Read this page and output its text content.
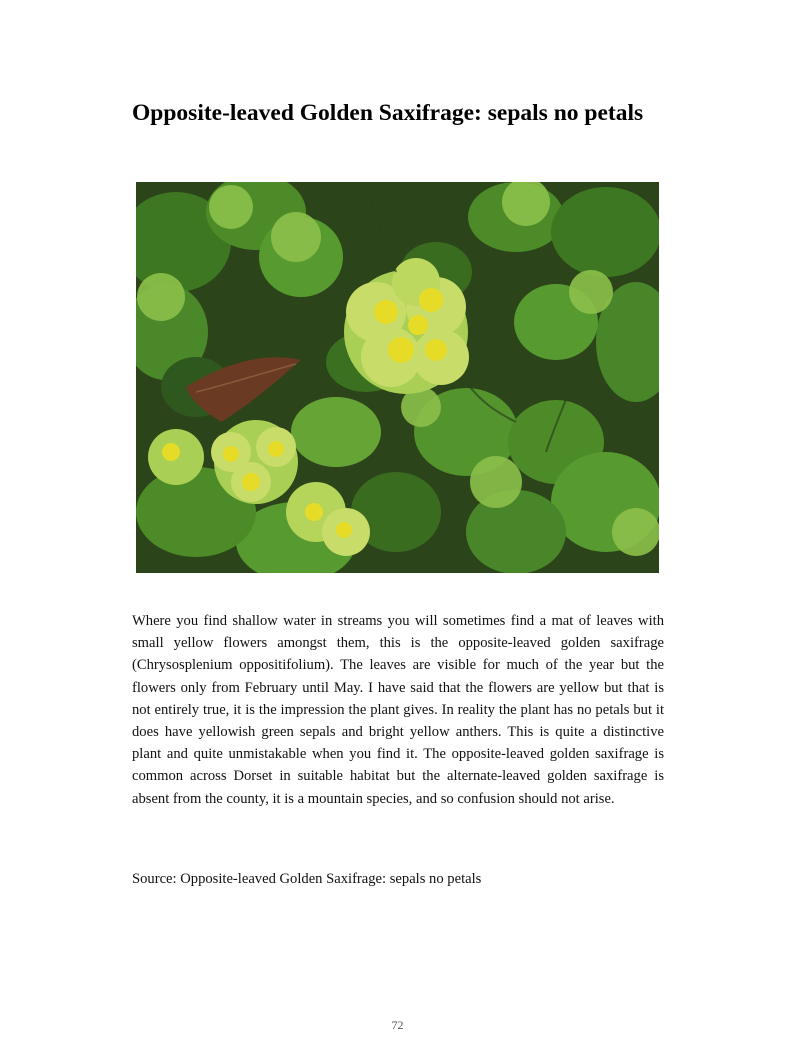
Opposite-leaved Golden Saxifrage: sepals no petals

Where you find shallow water in streams you will sometimes find a mat of leaves with small yellow flowers amongst them, this is the opposite-leaved golden saxifrage (Chrysosplenium oppositifolium). The leaves are visible for much of the year but the flowers only from February until May. I have said that the flowers are yellow but that is not entirely true, it is the impression the plant gives. In reality the plant has no petals but it does have yellowish green sepals and bright yellow anthers. This is quite a distinctive plant and quite unmistakable when you find it. The opposite-leaved golden saxifrage is common across Dorset in suitable habitat but the alternate-leaved golden saxifrage is absent from the county, it is a mountain species, and so confusion should not arise.

Source: Opposite-leaved Golden Saxifrage: sepals no petals

72
